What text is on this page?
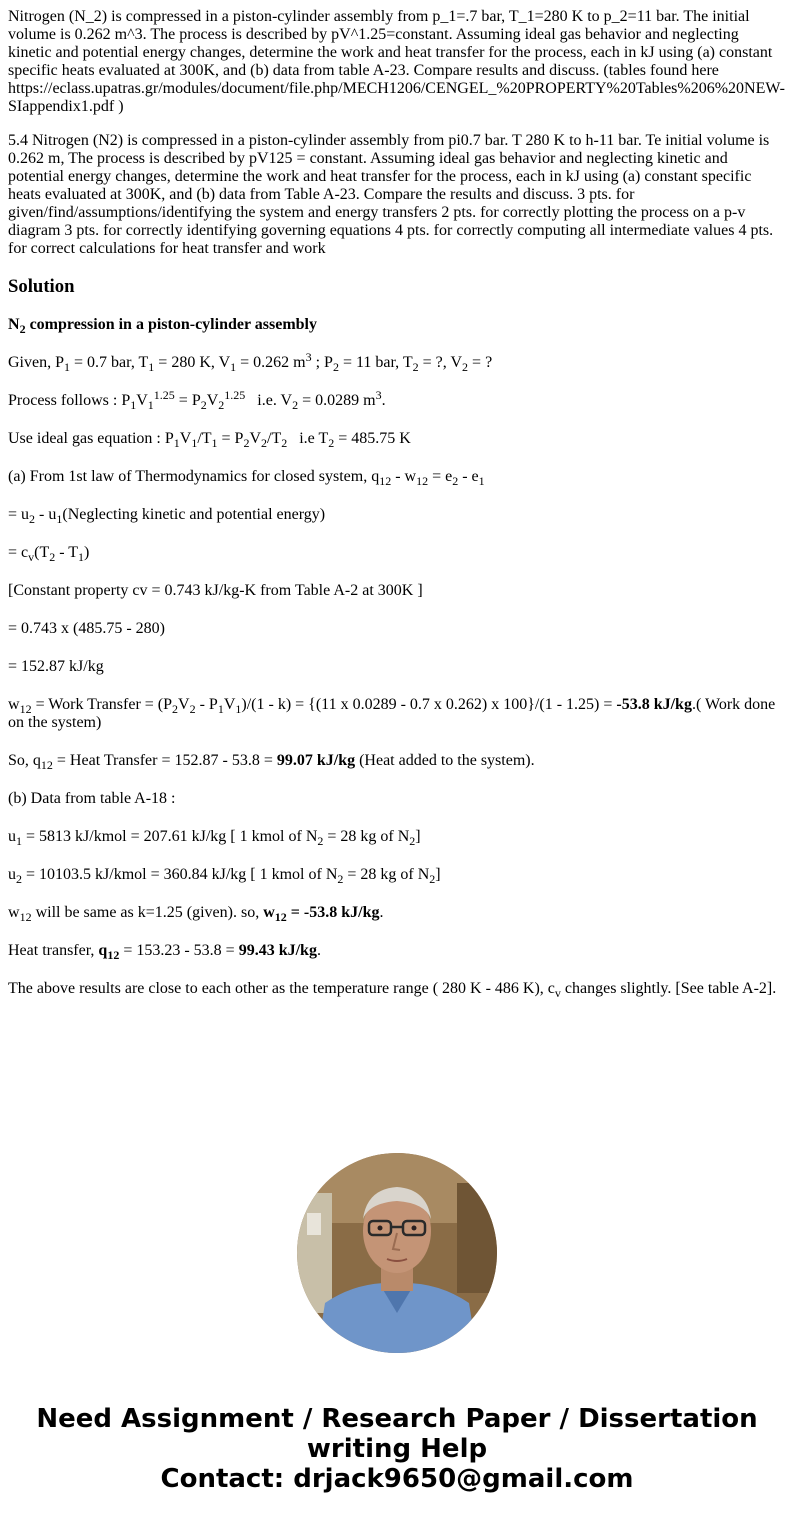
Nitrogen (N_2) is compressed in a piston-cylinder assembly from p_1=.7 bar, T_1=280 K to p_2=11 bar. The initial volume is 0.262 m^3. The process is described by pV^1.25=constant. Assuming ideal gas behavior and neglecting kinetic and potential energy changes, determine the work and heat transfer for the process, each in kJ using (a) constant specific heats evaluated at 300K, and (b) data from table A-23. Compare results and discuss. (tables found here https://eclass.upatras.gr/modules/document/file.php/MECH1206/CENGEL_%20PROPERTY%20Tables%206%20NEW-SIappendix1.pdf )

5.4 Nitrogen (N2) is compressed in a piston-cylinder assembly from pi0.7 bar. T 280 K to h-11 bar. Te initial volume is 0.262 m, The process is described by pV125 = constant. Assuming ideal gas behavior and neglecting kinetic and potential energy changes, determine the work and heat transfer for the process, each in kJ using (a) constant specific heats evaluated at 300K, and (b) data from Table A-23. Compare the results and discuss. 3 pts. for given/find/assumptions/identifying the system and energy transfers 2 pts. for correctly plotting the process on a p-v diagram 3 pts. for correctly identifying governing equations 4 pts. for correctly computing all intermediate values 4 pts. for correct calculations for heat transfer and work

Solution

$N_2$ compression in a piston-cylinder assembly

Given, $P_1 = 0.7$ bar, $T_1 = 280$ K, $V_1 = 0.262$ $m^3$ ; $P_2 = 11$ bar, $T_2$ = ?, $V_2$ = ?

Process follows : $P_1V_1^{1.25} = P_2V_2^{1.25}$   i.e. $V_2 = 0.0289$ $m^3$.

Use ideal gas equation : $P_1V_1/T_1 = P_2V_2/T_2$   i.e $T_2 = 485.75$ K

(a) From 1st law of Thermodynamics for closed system, $q_{12} - w_{12} = e_2 - e_1$

= $u_2$ - $u_1(Neglecting$ kinetic and potential energy)

= $c_v(T_2 - T_1)$

[Constant property cv = 0.743 kJ/kg-K from Table A-2 at 300K ]

= 0.743 x (485.75 - 280)

= 152.87 kJ/kg

$w_{12}$ = Work Transfer = $(P_2V_2 - P_1V_1)/(1 - k) = \{(11$ x 0.0289 - 0.7 x 0.262) x 100}/(1 - 1.25) = -53.8 kJ/kg.( Work done on the system)

So, $q_{12}$ = Heat Transfer = 152.87 - 53.8 = 99.07 kJ/kg (Heat added to the system).

(b) Data from table A-18 :

$u_1 = 5813$ kJ/kmol = 207.61 kJ/kg [ 1 kmol of $N_2 = 28$ kg of $N_2$]

$u_2 = 10103.5$ kJ/kmol = 360.84 kJ/kg [ 1 kmol of $N_2 = 28$ kg of $N_2$]

$w_{12}$ will be same as k=1.25 (given). so, $w_{12} = -53.8$ kJ/kg.

Heat transfer, $q_{12} = 153.23 - 53.8 = 99.43$ kJ/kg.

The above results are close to each other as the temperature range ( 280 K - 486 K), $c_v$ changes slightly. [See table A-2].

Need Assignment / Research Paper / Dissertation
writing Help
Contact: drjack9650@gmail.com
